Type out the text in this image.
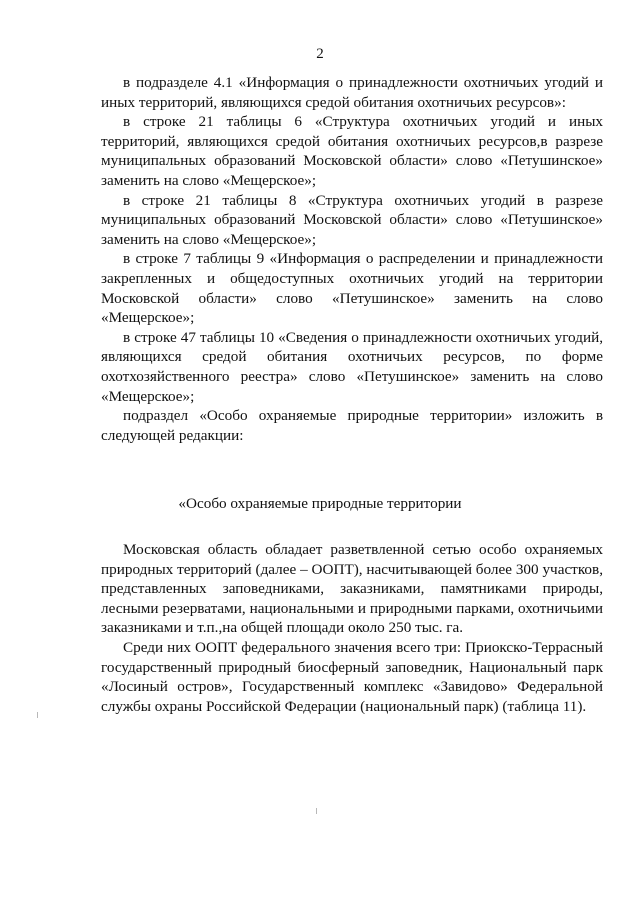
2

в подразделе 4.1 «Информация о принадлежности охотничьих угодий и иных территорий, являющихся средой обитания охотничьих ресурсов»:

в строке 21 таблицы 6 «Структура охотничьих угодий и иных территорий, являющихся средой обитания охотничьих ресурсов,в разрезе муниципальных образований Московской области» слово «Петушинское» заменить на слово «Мещерское»;

в строке 21 таблицы 8 «Структура охотничьих угодий в разрезе муниципальных образований Московской области» слово «Петушинское» заменить на слово «Мещерское»;

в строке 7 таблицы 9 «Информация о распределении и принадлежности закрепленных и общедоступных охотничьих угодий на территории Московской области» слово «Петушинское» заменить на слово «Мещерское»;

в строке 47 таблицы 10 «Сведения о принадлежности охотничьих угодий, являющихся средой обитания охотничьих ресурсов, по форме охотхозяйственного реестра» слово «Петушинское» заменить на слово «Мещерское»;

подраздел «Особо охраняемые природные территории» изложить в следующей редакции:

«Особо охраняемые природные территории

Московская область обладает разветвленной сетью особо охраняемых природных территорий (далее – ООПТ), насчитывающей более 300 участков, представленных заповедниками, заказниками, памятниками природы, лесными резерватами, национальными и природными парками, охотничьими заказниками и т.п.,на общей площади около 250 тыс. га.

Среди них ООПТ федерального значения всего три: Приокско-Террасный государственный природный биосферный заповедник, Национальный парк «Лосиный остров», Государственный комплекс «Завидово» Федеральной службы охраны Российской Федерации (национальный парк) (таблица 11).
